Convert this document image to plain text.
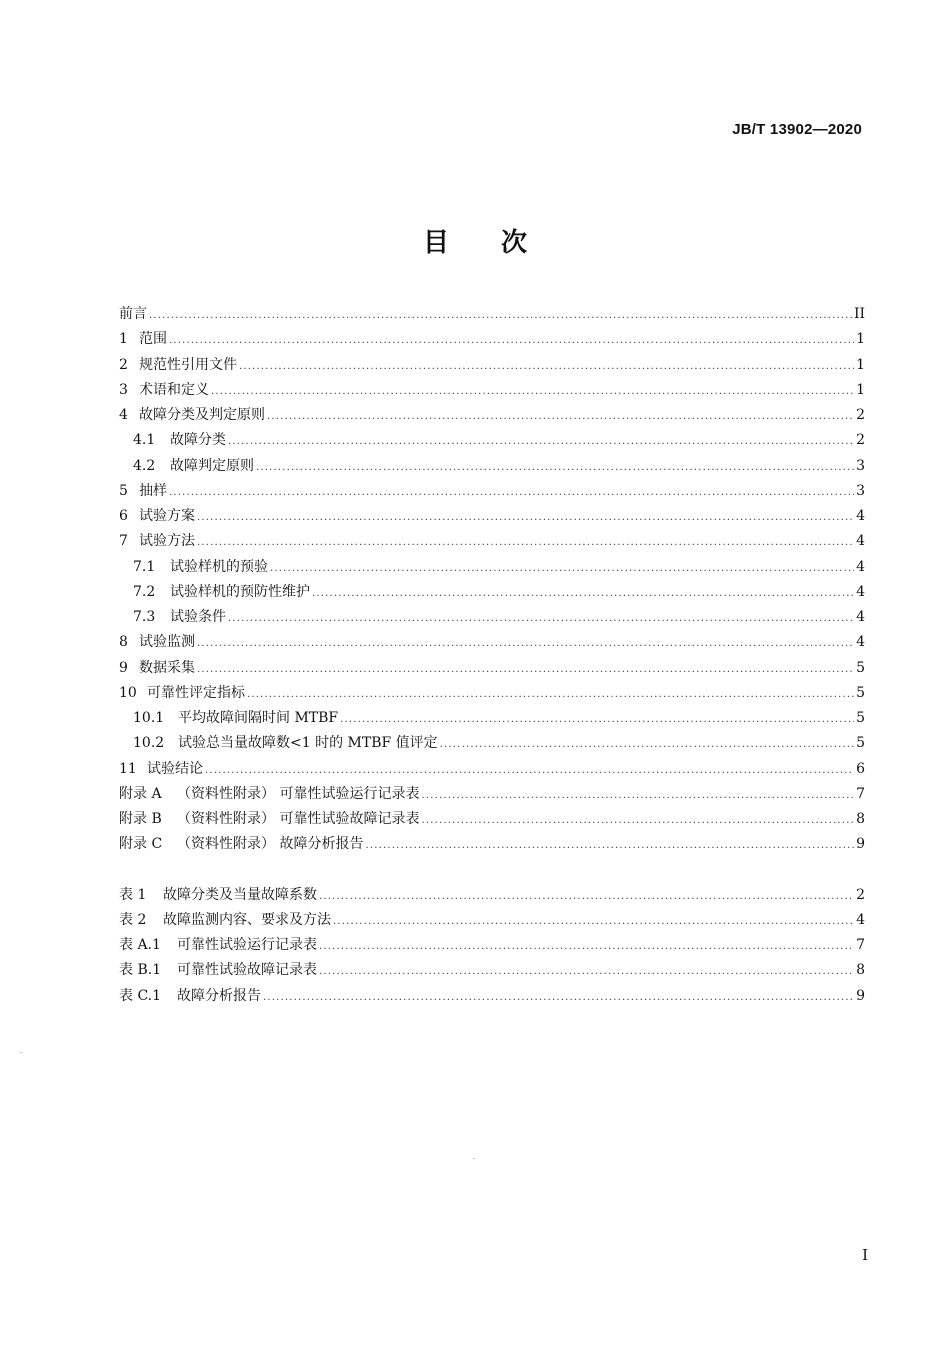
JB/T 13902—2020
目次
前言 .....	II
1 范围 .....	1
2 规范性引用文件 .....	1
3 术语和定义 .....	1
4 故障分类及判定原则 .....	2
4.1	故障分类 .....	2
4.2	故障判定原则 .....	3
5 抽样 .....	3
6 试验方案 .....	4
7 试验方法 .....	4
7.1	试验样机的预验 .....	4
7.2	试验样机的预防性维护 .....	4
7.3	试验条件 .....	4
8 试验监测 .....	4
9 数据采集 .....	5
10 可靠性评定指标 .....	5
10.1 平均故障间隔时间 MTBF .....	5
10.2 试验总当量故障数<1 时的 MTBF 值评定 .....	5
11 试验结论 .....	6
附录 A	（资料性附录） 可靠性试验运行记录表 .....	7
附录 B	（资料性附录） 可靠性试验故障记录表 .....	8
附录 C	（资料性附录） 故障分析报告 .....	9
表 1	故障分类及当量故障系数 .....	2
表 2	故障监测内容、要求及方法 .....	4
表 A.1	可靠性试验运行记录表 .....	7
表 B.1	可靠性试验故障记录表 .....	8
表 C.1	故障分析报告 .....	9
I
